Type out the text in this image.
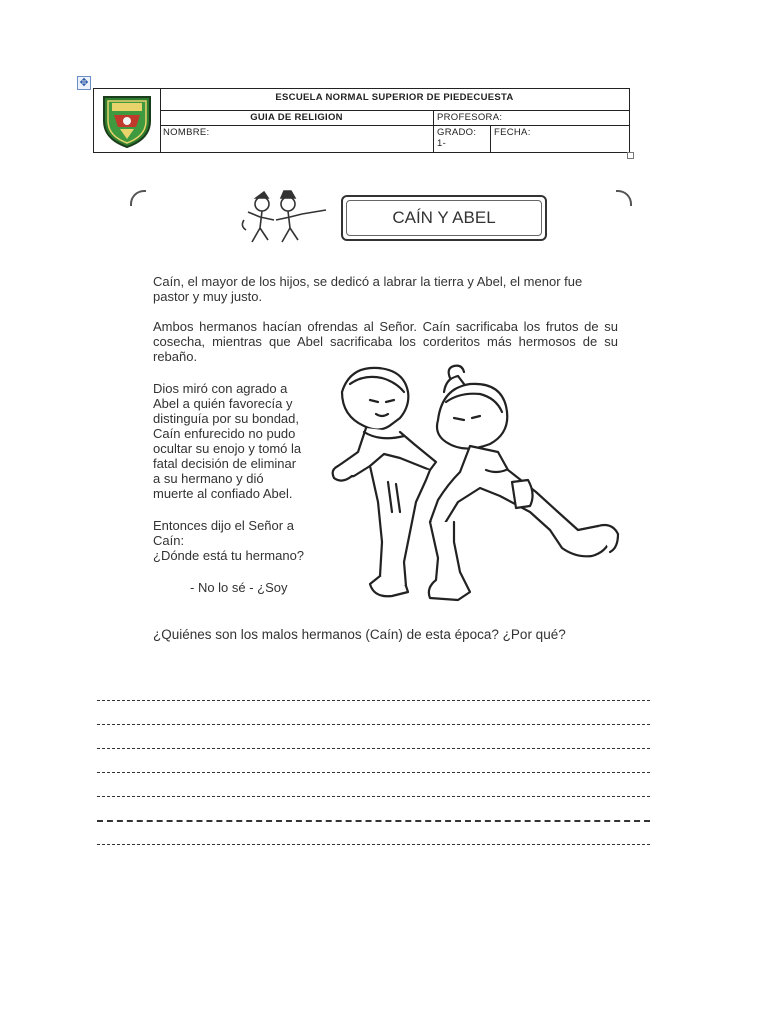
✥
ESCUELA NORMAL SUPERIOR DE PIEDECUESTA
GUIA DE RELIGION	PROFESORA:
NOMBRE:	GRADO:
1-
FECHA:
CAÍN Y ABEL
Caín, el mayor de los hijos, se dedicó a labrar la tierra y Abel, el menor fue pastor y muy justo.
Ambos hermanos hacían ofrendas al Señor. Caín sacrificaba los frutos de su cosecha, mientras que Abel sacrificaba los corderitos más hermosos de su rebaño.
Dios miró con agrado a
Abel a quién favorecía y
distinguía por su bondad,
Caín enfurecido no pudo
ocultar su enojo y tomó la
fatal decisión de eliminar
a su hermano y dió
muerte al confiado Abel.
Entonces dijo el Señor a
Caín:
¿Dónde está tu hermano?
- No lo sé - ¿Soy
¿Quiénes son los malos hermanos (Caín) de esta época? ¿Por qué?
